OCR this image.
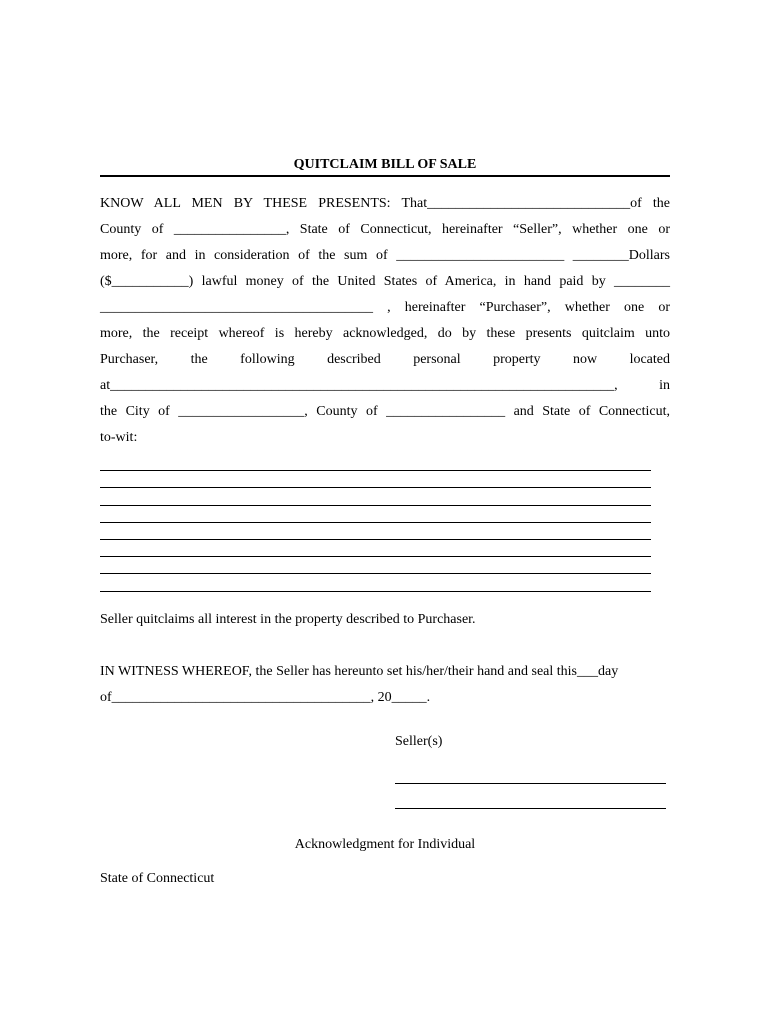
QUITCLAIM BILL OF SALE
KNOW ALL MEN BY THESE PRESENTS: That_____________________________of the
County of ________________, State of Connecticut, hereinafter “Seller”, whether one or
more, for and in consideration of the sum of ________________________ ________Dollars
($___________) lawful money of the United States of America, in hand paid by ________
_______________________________________ , hereinafter “Purchaser”, whether one or
more, the receipt whereof is hereby acknowledged, do by these presents quitclaim unto
Purchaser, the following described personal property now located
at________________________________________________________________________, in
the City of __________________, County of _________________ and State of Connecticut,
to-wit:
Seller quitclaims all interest in the property described to Purchaser.
IN WITNESS WHEREOF, the Seller has hereunto set his/her/their hand and seal this___day
of_____________________________________, 20_____.
Seller(s)
Acknowledgment for Individual
State of Connecticut
